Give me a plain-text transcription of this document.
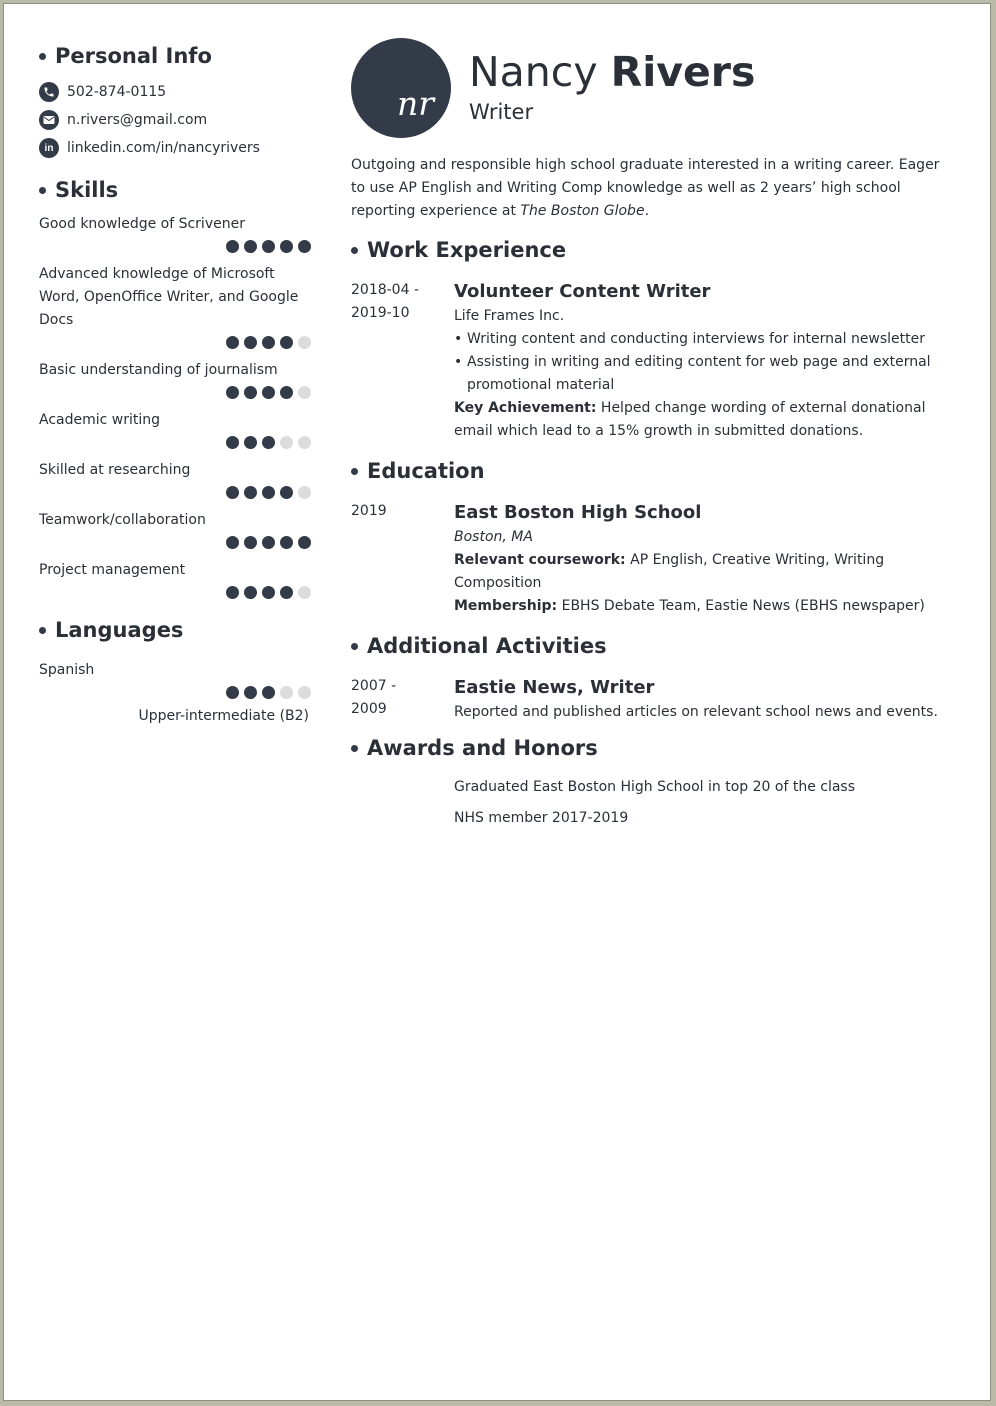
Personal Info
502-874-0115
n.rivers@gmail.com
in linkedin.com/in/nancyrivers
Skills
Good knowledge of Scrivener
Advanced knowledge of Microsoft Word, OpenOffice Writer, and Google Docs
Basic understanding of journalism
Academic writing
Skilled at researching
Teamwork/collaboration
Project management
Languages
Spanish
Upper-intermediate (B2)
nr
Nancy Rivers
Writer
Outgoing and responsible high school graduate interested in a writing career. Eager to use AP English and Writing Comp knowledge as well as 2 years’ high school reporting experience at The Boston Globe.
Work Experience
2018-04 -
2019-10
Volunteer Content Writer
Life Frames Inc.
• Writing content and conducting interviews for internal newsletter
• Assisting in writing and editing content for web page and external promotional material
Key Achievement: Helped change wording of external donational email which lead to a 15% growth in submitted donations.
Education
2019	East Boston High School
Boston, MA
Relevant coursework: AP English, Creative Writing, Writing Composition
Membership: EBHS Debate Team, Eastie News (EBHS newspaper)
Additional Activities
2007 -
2009
Eastie News, Writer
Reported and published articles on relevant school news and events.
Awards and Honors
Graduated East Boston High School in top 20 of the class
NHS member 2017-2019
